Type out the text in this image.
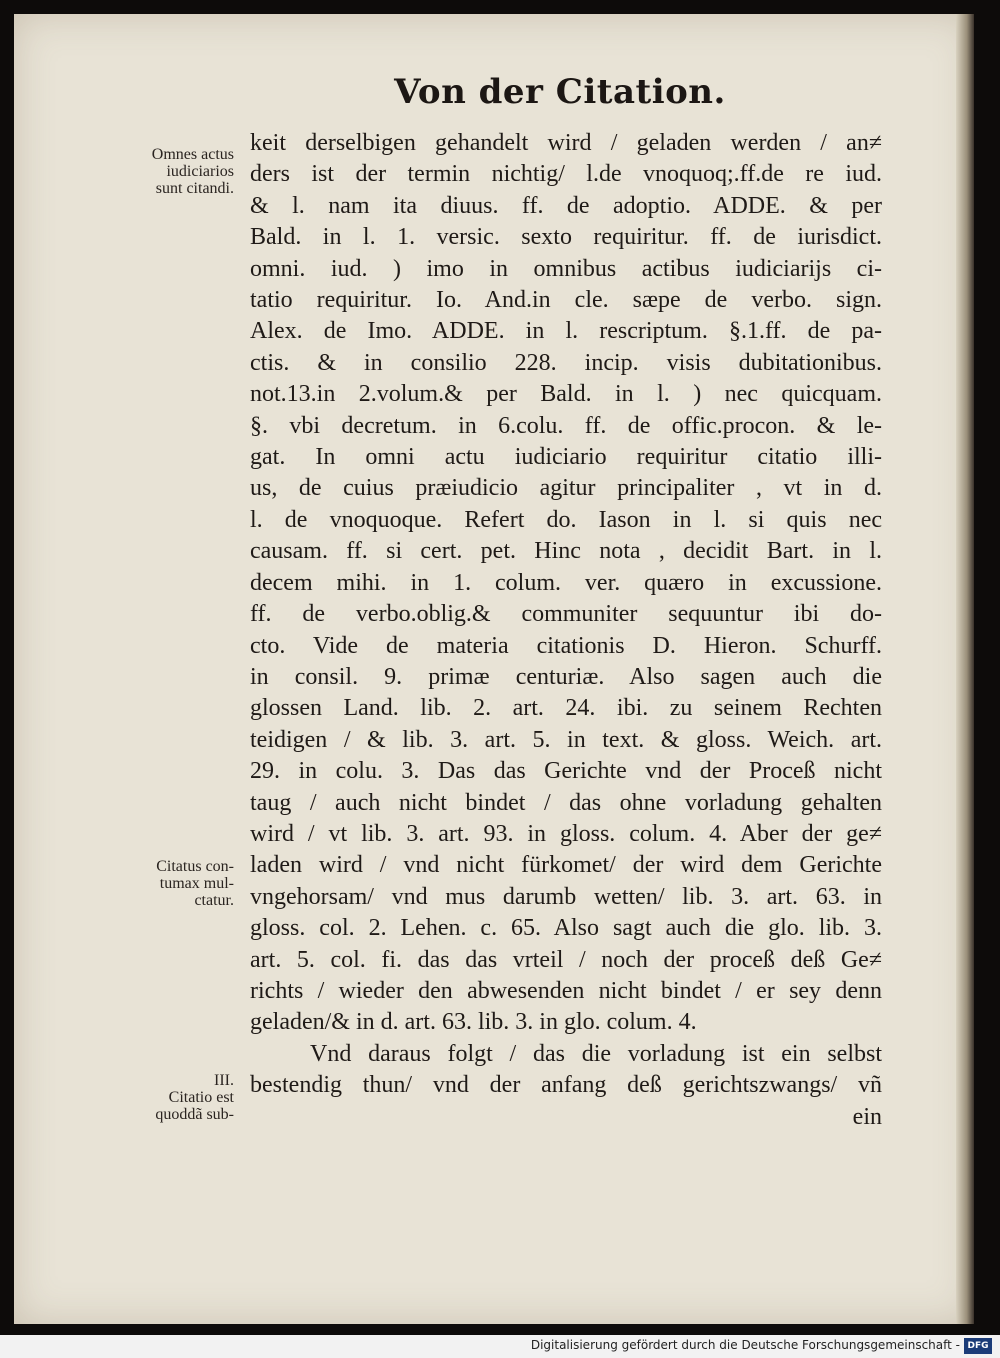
Von der Citation.
Omnes actus
iudiciarios
sunt citandi.
Citatus con-
tumax mul-
ctatur.
III.
Citatio est
quoddã sub-
keit derselbigen gehandelt wird / geladen werden / an≠
ders ist der termin nichtig/ l.de vnoquoq;.ff.de re iud.
& l. nam ita diuus. ff. de adoptio. ADDE. & per
Bald. in l. 1. versic. sexto requiritur. ff. de iurisdict.
omni. iud. ) imo in omnibus actibus iudiciarijs ci-
tatio requiritur. Io. And.in cle. sæpe de verbo. sign.
Alex. de Imo. ADDE. in l. rescriptum. §.1.ff. de pa-
ctis. & in consilio 228. incip. visis dubitationibus.
not.13.in 2.volum.& per Bald. in l. ) nec quicquam.
§. vbi decretum. in 6.colu. ff. de offic.procon. & le-
gat. In omni actu iudiciario requiritur citatio illi-
us, de cuius præiudicio agitur principaliter , vt in d.
l. de vnoquoque. Refert do. Iason in l. si quis nec
causam. ff. si cert. pet. Hinc nota , decidit Bart. in l.
decem mihi. in 1. colum. ver. quæro in excussione.
ff. de verbo.oblig.& communiter sequuntur ibi do-
cto. Vide de materia citationis D. Hieron. Schurff.
in consil. 9. primæ centuriæ. Also sagen auch die
glossen Land. lib. 2. art. 24. ibi. zu seinem Rechten
teidigen / & lib. 3. art. 5. in text. & gloss. Weich. art.
29. in colu. 3. Das das Gerichte vnd der Proceß nicht
taug / auch nicht bindet / das ohne vorladung gehalten
wird / vt lib. 3. art. 93. in gloss. colum. 4. Aber der ge≠
laden wird / vnd nicht fürkomet/ der wird dem Gerichte
vngehorsam/ vnd mus darumb wetten/ lib. 3. art. 63. in
gloss. col. 2. Lehen. c. 65. Also sagt auch die glo. lib. 3.
art. 5. col. fi. das das vrteil / noch der proceß deß Ge≠
richts / wieder den abwesenden nicht bindet / er sey denn
geladen/& in d. art. 63. lib. 3. in glo. colum. 4.
Vnd daraus folgt / das die vorladung ist ein selbst
bestendig thun/ vnd der anfang deß gerichtszwangs/ vñ
ein
Digitalisierung gefördert durch die Deutsche Forschungsgemeinschaft - DFG
